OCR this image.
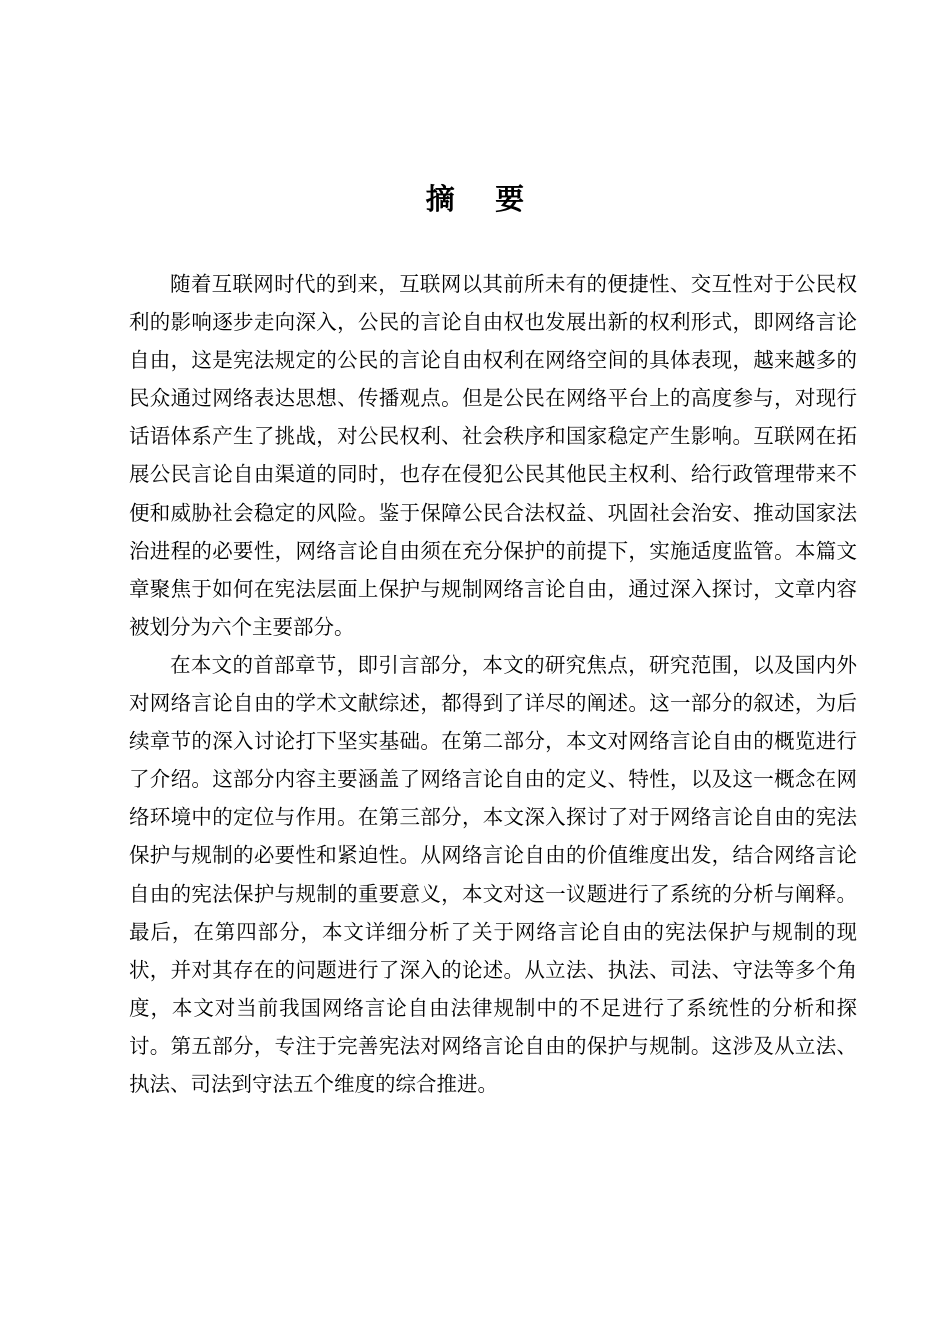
摘    要

随着互联网时代的到来，互联网以其前所未有的便捷性、交互性对于公民权利的影响逐步走向深入，公民的言论自由权也发展出新的权利形式，即网络言论自由，这是宪法规定的公民的言论自由权利在网络空间的具体表现，越来越多的民众通过网络表达思想、传播观点。但是公民在网络平台上的高度参与，对现行话语体系产生了挑战，对公民权利、社会秩序和国家稳定产生影响。互联网在拓展公民言论自由渠道的同时，也存在侵犯公民其他民主权利、给行政管理带来不便和威胁社会稳定的风险。鉴于保障公民合法权益、巩固社会治安、推动国家法治进程的必要性，网络言论自由须在充分保护的前提下，实施适度监管。本篇文章聚焦于如何在宪法层面上保护与规制网络言论自由，通过深入探讨，文章内容被划分为六个主要部分。

在本文的首部章节，即引言部分，本文的研究焦点，研究范围，以及国内外对网络言论自由的学术文献综述，都得到了详尽的阐述。这一部分的叙述，为后续章节的深入讨论打下坚实基础。在第二部分，本文对网络言论自由的概览进行了介绍。这部分内容主要涵盖了网络言论自由的定义、特性，以及这一概念在网络环境中的定位与作用。在第三部分，本文深入探讨了对于网络言论自由的宪法保护与规制的必要性和紧迫性。从网络言论自由的价值维度出发，结合网络言论自由的宪法保护与规制的重要意义，本文对这一议题进行了系统的分析与阐释。最后，在第四部分，本文详细分析了关于网络言论自由的宪法保护与规制的现状，并对其存在的问题进行了深入的论述。从立法、执法、司法、守法等多个角度，本文对当前我国网络言论自由法律规制中的不足进行了系统性的分析和探讨。第五部分，专注于完善宪法对网络言论自由的保护与规制。这涉及从立法、执法、司法到守法五个维度的综合推进。
